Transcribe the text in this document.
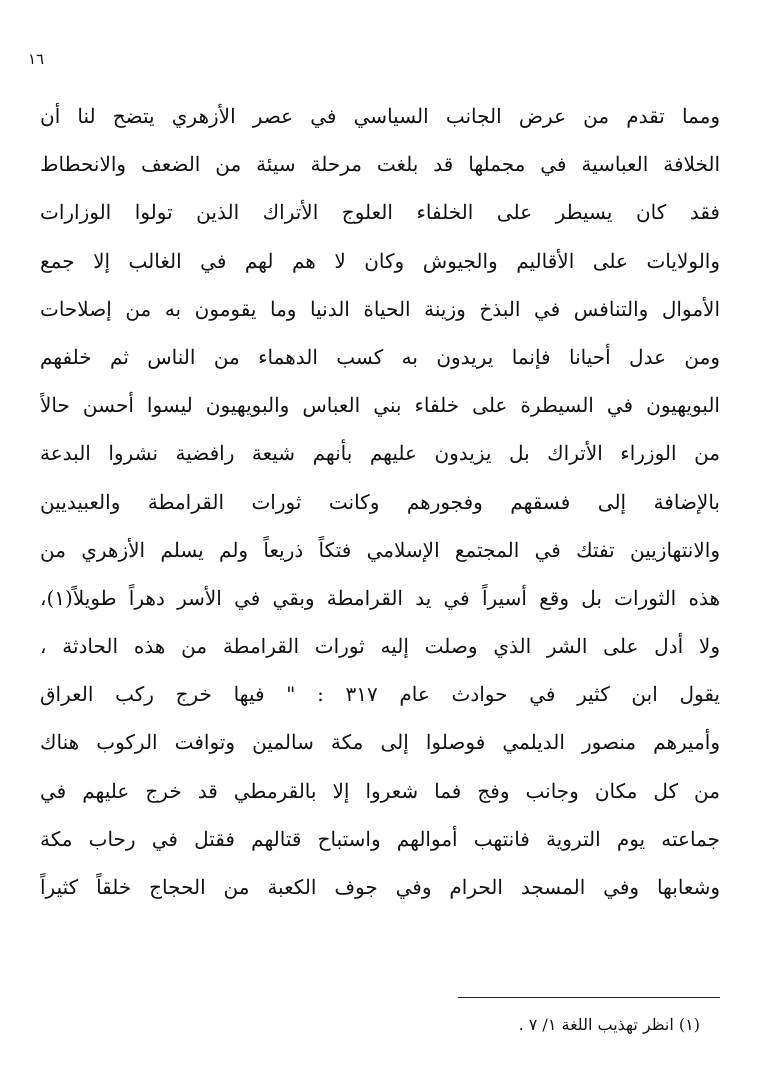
١٦
ومما تقدم من عرض الجانب السياسي في عصر الأزهري يتضح لنا أن
الخلافة العباسية في مجملها قد بلغت مرحلة سيئة من الضعف والانحطاط
فقد كان يسيطر على الخلفاء العلوج الأتراك الذين تولوا الوزارات
والولايات على الأقاليم والجيوش وكان لا هم لهم في الغالب إلا جمع
الأموال والتنافس في البذخ وزينة الحياة الدنيا وما يقومون به من إصلاحات
ومن عدل أحيانا فإنما يريدون به كسب الدهماء من الناس ثم خلفهم
البويهيون في السيطرة على خلفاء بني العباس والبويهيون ليسوا أحسن حالاً
من الوزراء الأتراك بل يزيدون عليهم بأنهم شيعة رافضية نشروا البدعة
بالإضافة إلى فسقهم وفجورهم وكانت ثورات القرامطة والعبيديين
والانتهازيين تفتك في المجتمع الإسلامي فتكاً ذريعاً ولم يسلم الأزهري من
هذه الثورات بل وقع أسيراً في يد القرامطة وبقي في الأسر دهراً طويلاً(١)،
ولا أدل على الشر الذي وصلت إليه ثورات القرامطة من هذه الحادثة ،
يقول ابن كثير في حوادث عام ٣١٧ : " فيها خرج ركب العراق
وأميرهم منصور الديلمي فوصلوا إلى مكة سالمين وتوافت الركوب هناك
من كل مكان وجانب وفج فما شعروا إلا بالقرمطي قد خرج عليهم في
جماعته يوم التروية فانتهب أموالهم واستباح قتالهم فقتل في رحاب مكة
وشعابها وفي المسجد الحرام وفي جوف الكعبة من الحجاج خلقاً كثيراً
(١) انظر تهذيب اللغة ١/ ٧ .
